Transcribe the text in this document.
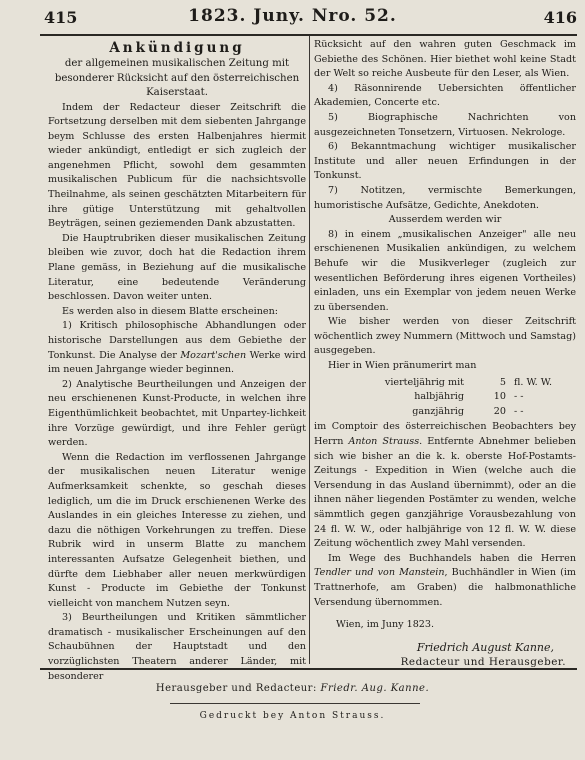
415	1823. Juny. Nro. 52.	416

Ankündigung

der allgemeinen musikalischen Zeitung mit besonderer Rücksicht auf den österreichischen Kaiserstaat.

Indem der Redacteur dieser Zeitschrift die Fortsetzung derselben mit dem siebenten Jahrgange beym Schlusse des ersten Halbenjahres hiermit wieder ankündigt, entledigt er sich zugleich der angenehmen Pflicht, sowohl dem gesammten musikalischen Publicum für die nachsichtsvolle Theilnahme, als seinen geschätzten Mitarbeitern für ihre gütige Unterstützung mit gehaltvollen Beyträgen, seinen geziemenden Dank abzustatten.

Die Hauptrubriken dieser musikalischen Zeitung bleiben wie zuvor, doch hat die Redaction ihrem Plane gemäss, in Beziehung auf die musikalische Literatur, eine bedeutende Veränderung beschlossen. Davon weiter unten.

Es werden also in diesem Blatte erscheinen:

1) Kritisch philosophische Abhandlungen oder historische Darstellungen aus dem Gebiethe der Tonkunst. Die Analyse der Mozart'schen Werke wird im neuen Jahrgange wieder beginnen.

2) Analytische Beurtheilungen und Anzeigen der neu erschienenen Kunst-Producte, in welchen ihre Eigenthümlichkeit beobachtet, mit Unpartey-lichkeit ihre Vorzüge gewürdigt, und ihre Fehler gerügt werden.

Wenn die Redaction im verflossenen Jahrgange der musikalischen neuen Literatur wenige Aufmerksamkeit schenkte, so geschah dieses lediglich, um die im Druck erschienenen Werke des Auslandes in ein gleiches Interesse zu ziehen, und dazu die nöthigen Vorkehrungen zu treffen. Diese Rubrik wird in unserm Blatte zu manchem interessanten Aufsatze Gelegenheit biethen, und dürfte dem Liebhaber aller neuen merkwürdigen Kunst - Producte im Gebiethe der Tonkunst vielleicht von manchem Nutzen seyn.

3) Beurtheilungen und Kritiken sämmtlicher dramatisch - musikalischer Erscheinungen auf den Schaubühnen der Hauptstadt und den vorzüglichsten Theatern anderer Länder, mit besonderer

Rücksicht auf den wahren guten Geschmack im Gebiethe des Schönen. Hier biethet wohl keine Stadt der Welt so reiche Ausbeute für den Leser, als Wien.

4) Räsonnirende Uebersichten öffentlicher Akademien, Concerte etc.

5) Biographische Nachrichten von ausgezeichneten Tonsetzern, Virtuosen. Nekrologe.

6) Bekanntmachung wichtiger musikalischer Institute und aller neuen Erfindungen in der Tonkunst.

7) Notitzen, vermischte Bemerkungen, humoristische Aufsätze, Gedichte, Anekdoten.

Ausserdem werden wir

8) in einem „musikalischen Anzeiger" alle neu erschienenen Musikalien ankündigen, zu welchem Behufe wir die Musikverleger (zugleich zur wesentlichen Beförderung ihres eigenen Vortheiles) einladen, uns ein Exemplar von jedem neuen Werke zu übersenden.

Wie bisher werden von dieser Zeitschrift wöchentlich zwey Nummern (Mittwoch und Samstag) ausgegeben.

Hier in Wien pränumerirt man

vierteljährig mit	5 fl. W. W.
halbjährig	10 - -
ganzjährig	20 - -

im Comptoir des österreichischen Beobachters bey Herrn Anton Strauss. Entfernte Abnehmer belieben sich wie bisher an die k. k. oberste Hof-Postamts-Zeitungs - Expedition in Wien (welche auch die Versendung in das Ausland übernimmt), oder an die ihnen näher liegenden Postämter zu wenden, welche sämmtlich gegen ganzjährige Vorausbezahlung von 24 fl. W. W., oder halbjährige von 12 fl. W. W. diese Zeitung wöchentlich zwey Mahl versenden.

Im Wege des Buchhandels haben die Herren Tendler und von Manstein, Buchhändler in Wien (im Trattnerhofe, am Graben) die halbmonathliche Versendung übernommen.

Wien, im Juny 1823.

Friedrich August Kanne,

Redacteur und Herausgeber.

Herausgeber und Redacteur: Friedr. Aug. Kanne.
Gedruckt bey Anton Strauss.
